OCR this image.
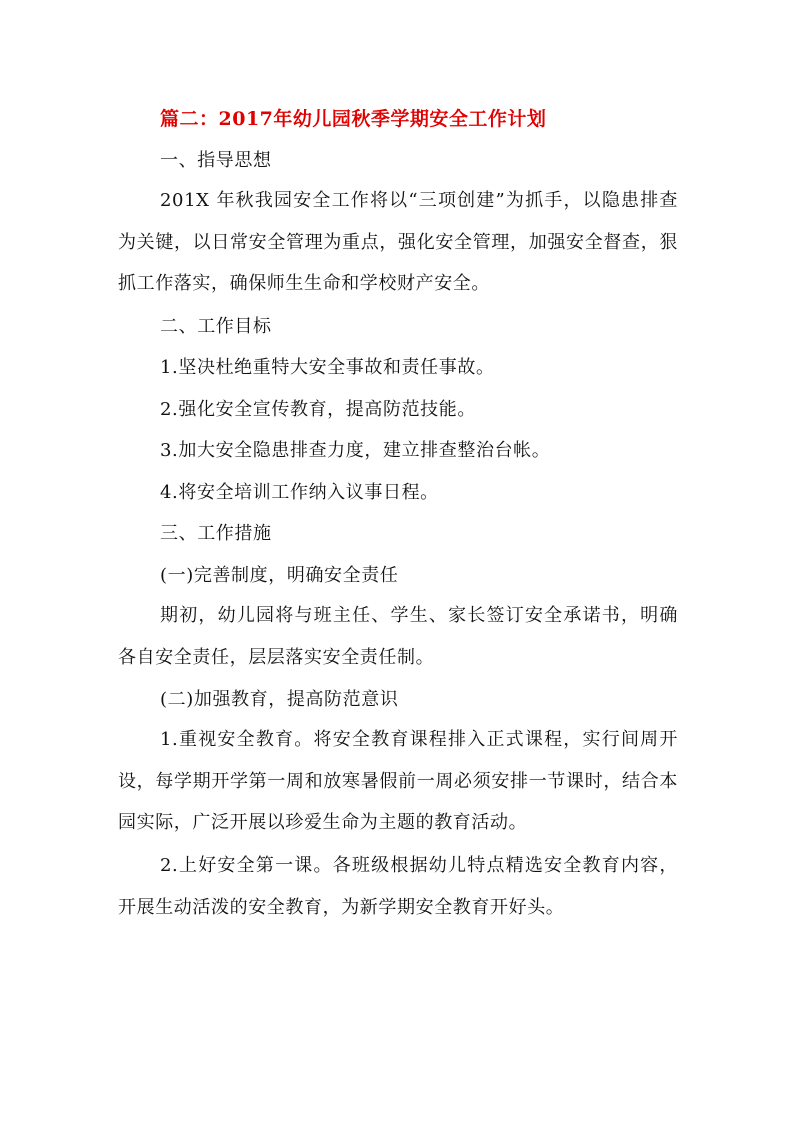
篇二：2017年幼儿园秋季学期安全工作计划
一、指导思想

201X 年秋我园安全工作将以“三项创建”为抓手，以隐患排查为关键，以日常安全管理为重点，强化安全管理，加强安全督查，狠抓工作落实，确保师生生命和学校财产安全。

二、工作目标
1.坚决杜绝重特大安全事故和责任事故。
2.强化安全宣传教育，提高防范技能。
3.加大安全隐患排查力度，建立排查整治台帐。
4.将安全培训工作纳入议事日程。
三、工作措施
(一)完善制度，明确安全责任

期初，幼儿园将与班主任、学生、家长签订安全承诺书，明确各自安全责任，层层落实安全责任制。

(二)加强教育，提高防范意识

1.重视安全教育。将安全教育课程排入正式课程，实行间周开设，每学期开学第一周和放寒暑假前一周必须安排一节课时，结合本园实际，广泛开展以珍爱生命为主题的教育活动。

2.上好安全第一课。各班级根据幼儿特点精选安全教育内容，开展生动活泼的安全教育，为新学期安全教育开好头。
